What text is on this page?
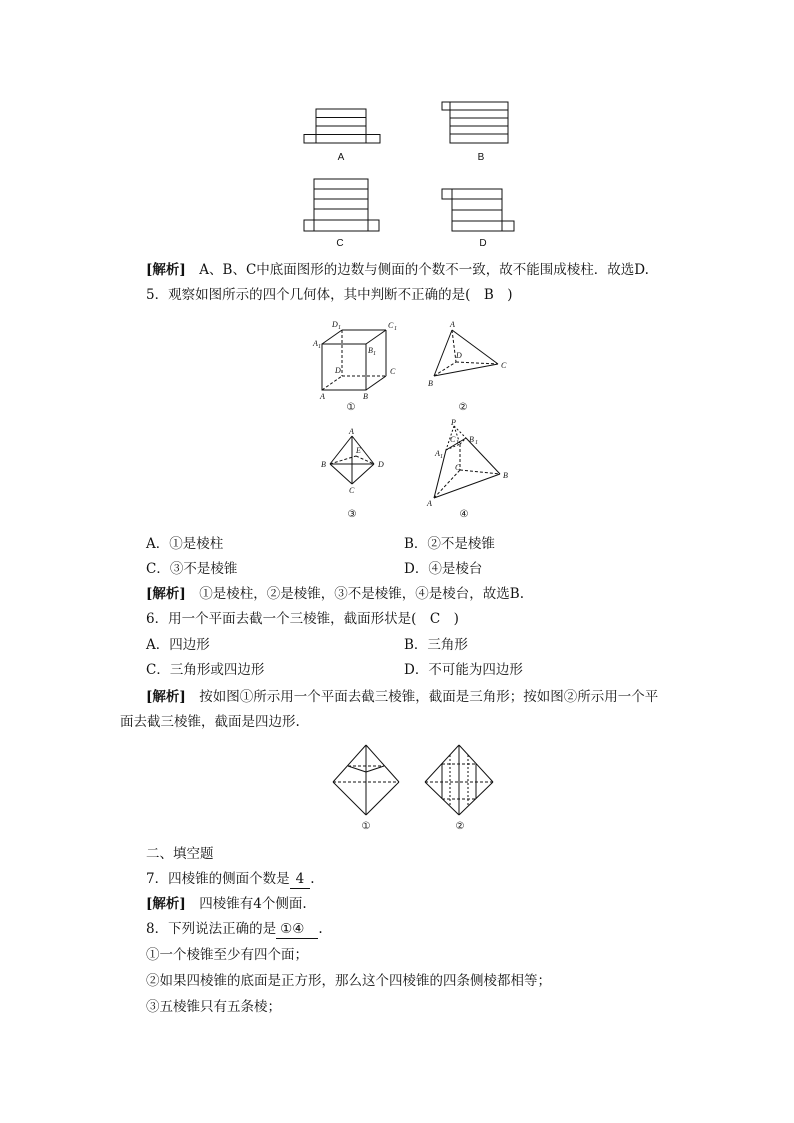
A	B
C	D
[解析]　 A、B、C中底面图形的边数与侧面的个数不一致，故不能围成棱柱．故选D.
5．观察如图所示的四个几何体，其中判断不正确的是(　B　)
D 1	C 1
A 1	B 1
D	C
A	B
①
A
D
C
B
②
A
E
B	D
C
③
P
C 1 B 1
A 1
C
A
B
④
A．①是棱柱	B．②不是棱锥
C．③不是棱锥	D．④是棱台
[解析]　 ①是棱柱，②是棱锥，③不是棱锥，④是棱台，故选B.
6．用一个平面去截一个三棱锥，截面形状是(　C　)
A．四边形	B．三角形
C．三角形或四边形	D．不可能为四边形
[解析]　 按如图①所示用一个平面去截三棱锥，截面是三角形；按如图②所示用一个平
面去截三棱锥，截面是四边形.
①	②
二、填空题
7．四棱锥的侧面个数是 4 .
[解析]　 四棱锥有4个侧面.
8．下列说法正确的是 ①④ .
①一个棱锥至少有四个面；
②如果四棱锥的底面是正方形，那么这个四棱锥的四条侧棱都相等；
③五棱锥只有五条棱；
